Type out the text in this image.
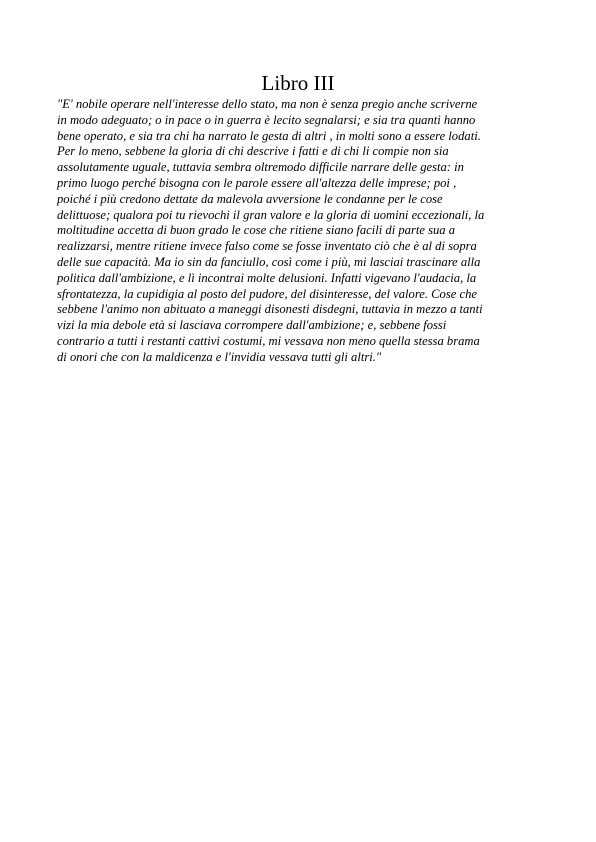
Libro III

"E' nobile operare nell'interesse dello stato, ma non è senza pregio anche scriverne
in modo adeguato; o in pace o in guerra è lecito segnalarsi; e sia tra quanti hanno
bene operato, e sia tra chi ha narrato le gesta di altri , in molti sono a essere lodati.
Per lo meno, sebbene la gloria di chi descrive i fatti e di chi li compie non sia
assolutamente uguale, tuttavia sembra oltremodo difficile narrare delle gesta: in
primo luogo perché bisogna con le parole essere all'altezza delle imprese; poi ,
poiché i più credono dettate da malevola avversione le condanne per le cose
delittuose; qualora poi tu rievochi il gran valore e la gloria di uomini eccezionali, la
moltitudine accetta di buon grado le cose che ritiene siano facili di parte sua a
realizzarsi, mentre ritiene invece falso come se fosse inventato ciò che è al di sopra
delle sue capacità. Ma io sin da fanciullo, così come i più, mi lasciai trascinare alla
politica dall'ambizione, e lì incontrai molte delusioni. Infatti vigevano l'audacia, la
sfrontatezza, la cupidigia al posto del pudore, del disinteresse, del valore. Cose che
sebbene l'animo non abituato a maneggi disonesti disdegni, tuttavia in mezzo a tanti
vizi la mia debole età si lasciava corrompere dall'ambizione; e, sebbene fossi
contrario a tutti i restanti cattivi costumi, mi vessava non meno quella stessa brama
di onori che con la maldicenza e l'invidia vessava tutti gli altri."
